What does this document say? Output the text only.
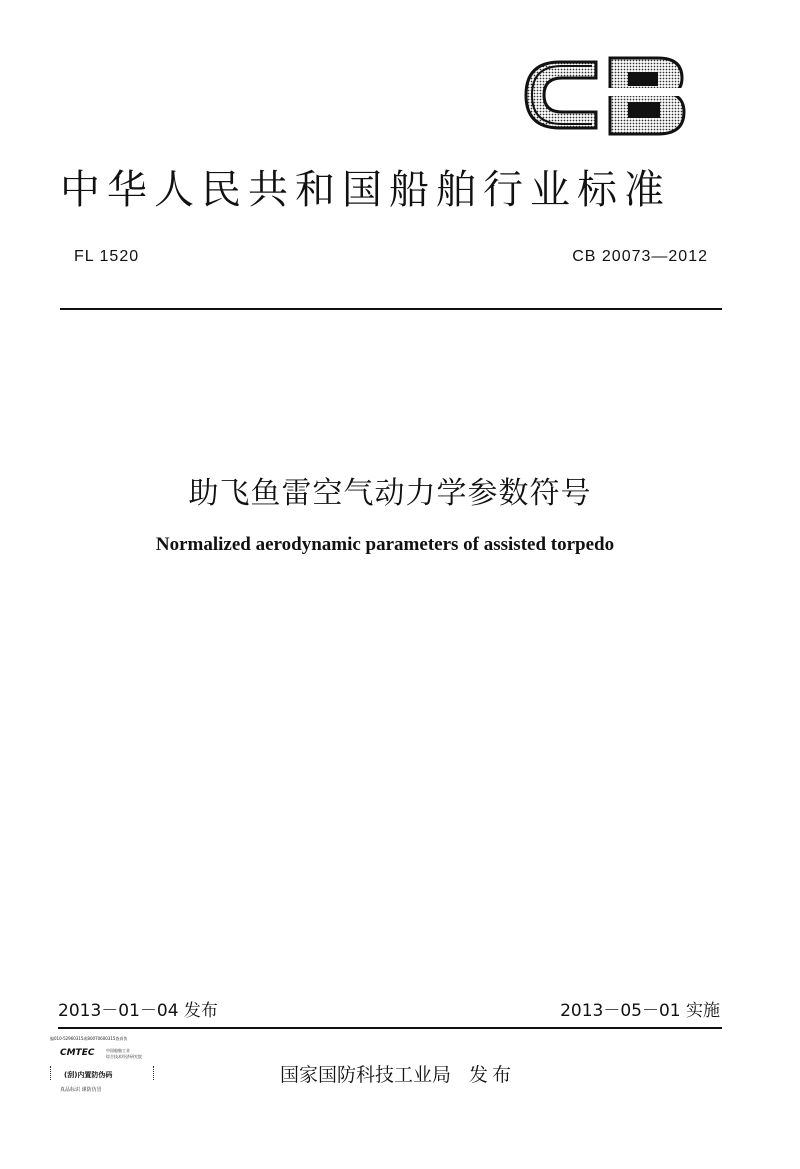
中华人民共和国船舶行业标准
FL 1520	CB 20073—2012
助飞鱼雷空气动力学参数符号
Normalized aerodynamic parameters of assisted torpedo
2013－01－04 发布	2013－05－01 实施
编010-52960315或80070600315查真伪
CMTEC	中国船舶工业
综合技术经济研究院
(刮)内置防伪码
真品标识 谨防仿冒
国家国防科技工业局 发布
